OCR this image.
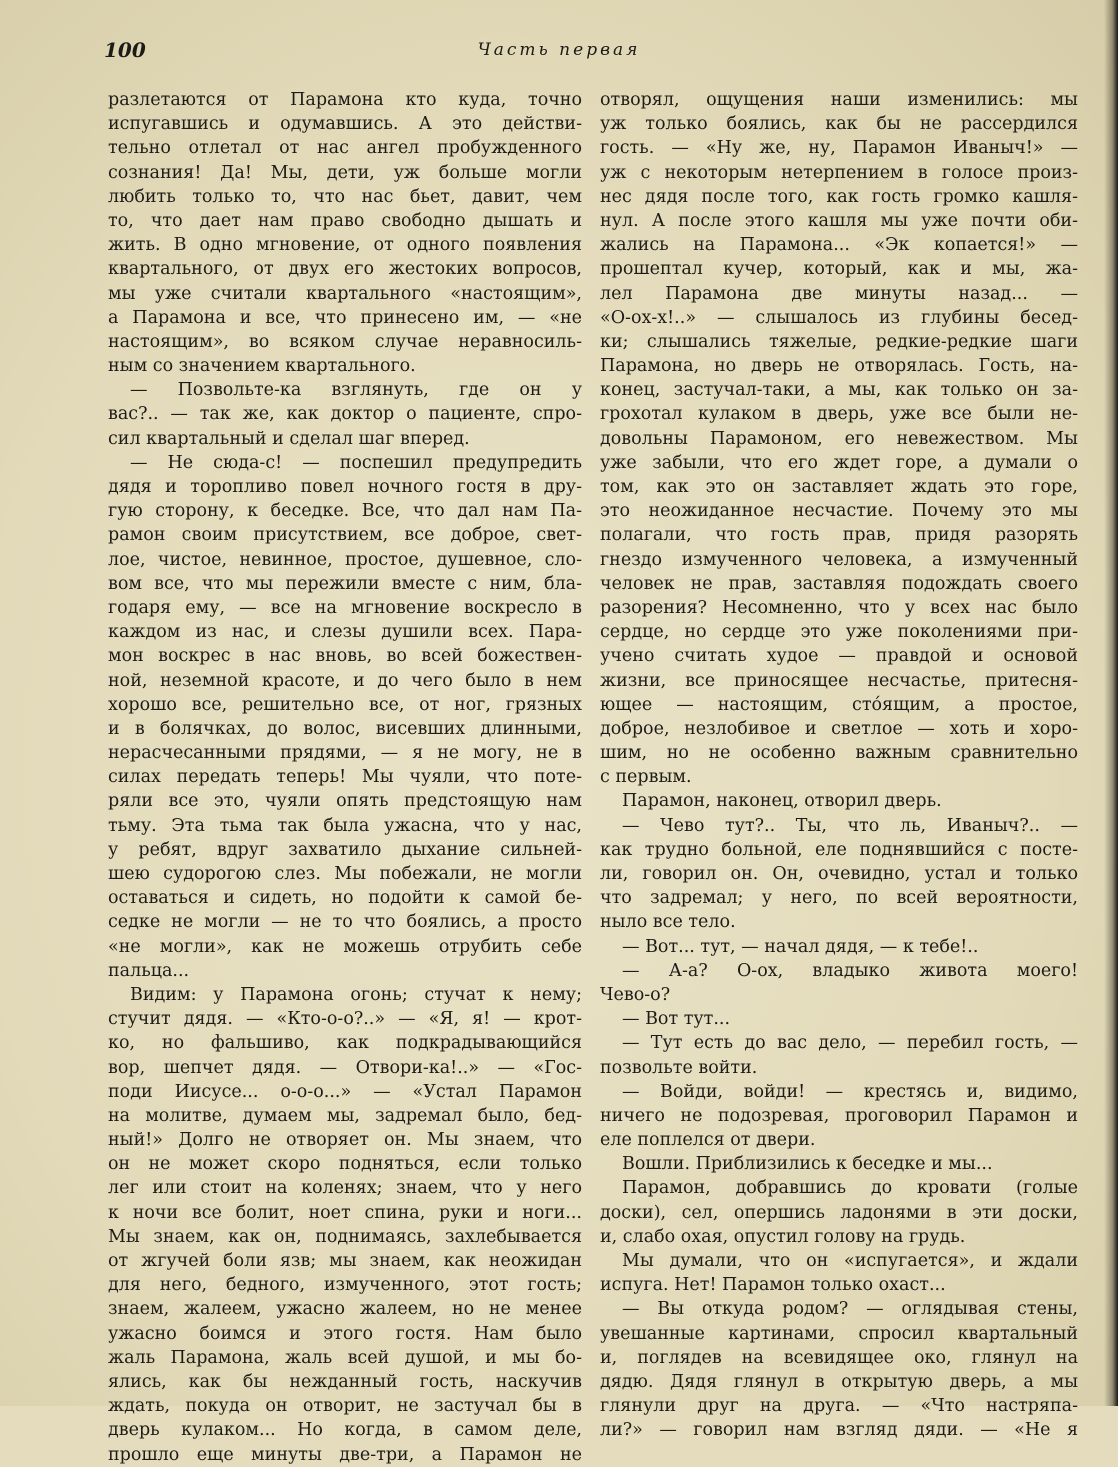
100	Часть первая
разлетаются от Парамона кто куда, точно
испугавшись и одумавшись. А это действи-
тельно отлетал от нас ангел пробужденного
сознания! Да! Мы, дети, уж больше могли
любить только то, что нас бьет, давит, чем
то, что дает нам право свободно дышать и
жить. В одно мгновение, от одного появления
квартального, от двух его жестоких вопросов,
мы уже считали квартального «настоящим»,
а Парамона и все, что принесено им, — «не
настоящим», во всяком случае неравносиль-
ным со значением квартального.
— Позвольте-ка взглянуть, где он у
вас?.. — так же, как доктор о пациенте, спро-
сил квартальный и сделал шаг вперед.
— Не сюда-с! — поспешил предупредить
дядя и торопливо повел ночного гостя в дру-
гую сторону, к беседке. Все, что дал нам Па-
рамон своим присутствием, все доброе, свет-
лое, чистое, невинное, простое, душевное, сло-
вом все, что мы пережили вместе с ним, бла-
годаря ему, — все на мгновение воскресло в
каждом из нас, и слезы душили всех. Пара-
мон воскрес в нас вновь, во всей божествен-
ной, неземной красоте, и до чего было в нем
хорошо все, решительно все, от ног, грязных
и в болячках, до волос, висевших длинными,
нерасчесанными прядями, — я не могу, не в
силах передать теперь! Мы чуяли, что поте-
ряли все это, чуяли опять предстоящую нам
тьму. Эта тьма так была ужасна, что у нас,
у ребят, вдруг захватило дыхание сильней-
шею судорогою слез. Мы побежали, не могли
оставаться и сидеть, но подойти к самой бе-
седке не могли — не то что боялись, а просто
«не могли», как не можешь отрубить себе
пальца...
Видим: у Парамона огонь; стучат к нему;
стучит дядя. — «Кто-о-о?..» — «Я, я! — крот-
ко, но фальшиво, как подкрадывающийся
вор, шепчет дядя. — Отвори-ка!..» — «Гос-
поди Иисусе... о-о-о...» — «Устал Парамон
на молитве, думаем мы, задремал было, бед-
ный!» Долго не отворяет он. Мы знаем, что
он не может скоро подняться, если только
лег или стоит на коленях; знаем, что у него
к ночи все болит, ноет спина, руки и ноги...
Мы знаем, как он, поднимаясь, захлебывается
от жгучей боли язв; мы знаем, как неожидан
для него, бедного, измученного, этот гость;
знаем, жалеем, ужасно жалеем, но не менее
ужасно боимся и этого гостя. Нам было
жаль Парамона, жаль всей душой, и мы бо-
ялись, как бы нежданный гость, наскучив
ждать, покуда он отворит, не застучал бы в
дверь кулаком... Но когда, в самом деле,
прошло еще минуты две-три, а Парамон не
отворял, ощущения наши изменились: мы
уж только боялись, как бы не рассердился
гость. — «Ну же, ну, Парамон Иваныч!» —
уж с некоторым нетерпением в голосе произ-
нес дядя после того, как гость громко кашля-
нул. А после этого кашля мы уже почти оби-
жались на Парамона... «Эк копается!» —
прошептал кучер, который, как и мы, жа-
лел Парамона две минуты назад... —
«О-ох-х!..» — слышалось из глубины бесед-
ки; слышались тяжелые, редкие-редкие шаги
Парамона, но дверь не отворялась. Гость, на-
конец, застучал-таки, а мы, как только он за-
грохотал кулаком в дверь, уже все были не-
довольны Парамоном, его невежеством. Мы
уже забыли, что его ждет горе, а думали о
том, как это он заставляет ждать это горе,
это неожиданное несчастие. Почему это мы
полагали, что гость прав, придя разорять
гнездо измученного человека, а измученный
человек не прав, заставляя подождать своего
разорения? Несомненно, что у всех нас было
сердце, но сердце это уже поколениями при-
учено считать худое — правдой и основой
жизни, все приносящее несчастье, притесня-
ющее — настоящим, стóящим, а простое,
доброе, незлобивое и светлое — хоть и хоро-
шим, но не особенно важным сравнительно
с первым.
Парамон, наконец, отворил дверь.
— Чево тут?.. Ты, что ль, Иваныч?.. —
как трудно больной, еле поднявшийся с посте-
ли, говорил он. Он, очевидно, устал и только
что задремал; у него, по всей вероятности,
ныло все тело.
— Вот... тут, — начал дядя, — к тебе!..
— А-а? О-ох, владыко живота моего!
Чево-о?
— Вот тут...
— Тут есть до вас дело, — перебил гость, —
позвольте войти.
— Войди, войди! — крестясь и, видимо,
ничего не подозревая, проговорил Парамон и
еле поплелся от двери.
Вошли. Приблизились к беседке и мы...
Парамон, добравшись до кровати (голые
доски), сел, опершись ладонями в эти доски,
и, слабо охая, опустил голову на грудь.
Мы думали, что он «испугается», и ждали
испуга. Нет! Парамон только охаст...
— Вы откуда родом? — оглядывая стены,
увешанные картинами, спросил квартальный
и, поглядев на всевидящее око, глянул на
дядю. Дядя глянул в открытую дверь, а мы
глянули друг на друга. — «Что настряпа-
ли?» — говорил нам взгляд дяди. — «Не я
